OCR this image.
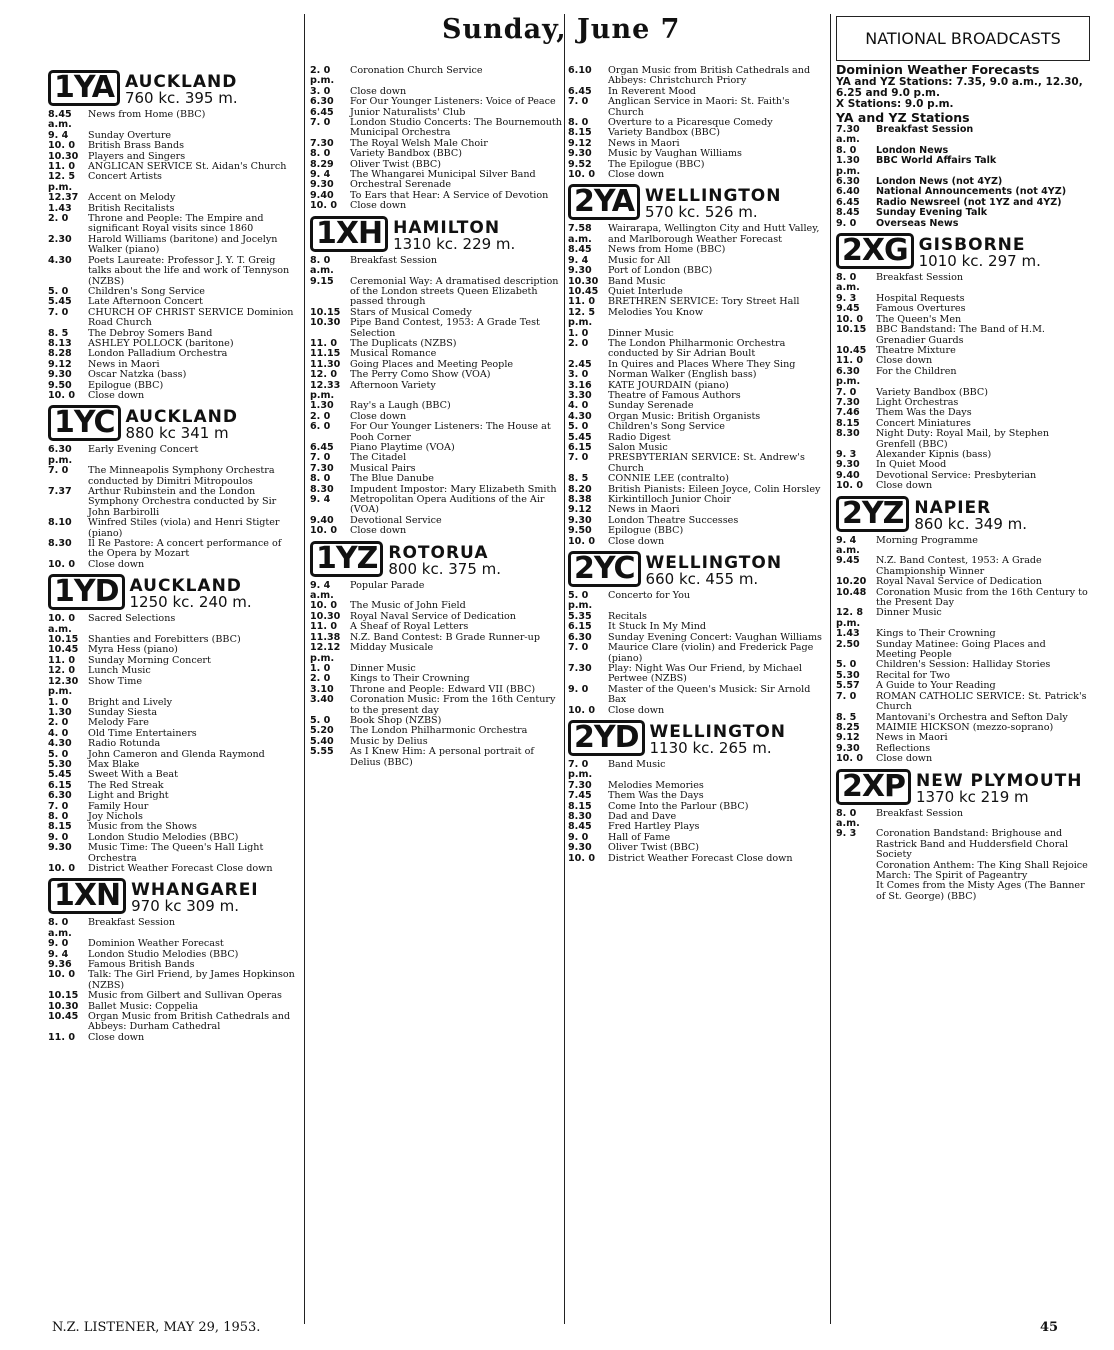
Sunday, June 7
1YA AUCKLAND
760 kc. 395 m.
8.45 a.m.
News from Home (BBC)
9. 4	Sunday Overture
10. 0	British Brass Bands
10.30	Players and Singers
11. 0	ANGLICAN SERVICE St. Aidan's Church
12. 5 p.m.
Concert Artists
12.37	Accent on Melody
1.43	British Recitalists
2. 0	Throne and People: The Empire and significant Royal visits since 1860
2.30	Harold Williams (baritone) and Jocelyn Walker (piano)
4.30	Poets Laureate: Professor J. Y. T. Greig talks about the life and work of Tennyson (NZBS)
5. 0	Children's Song Service
5.45	Late Afternoon Concert
7. 0	CHURCH OF CHRIST SERVICE Dominion Road Church
8. 5	The Debroy Somers Band
8.13	ASHLEY POLLOCK (baritone)
8.28	London Palladium Orchestra
9.12	News in Maori
9.30	Oscar Natzka (bass)
9.50	Epilogue (BBC)
10. 0	Close down
1YC AUCKLAND
880 kc 341 m
6.30 p.m.
Early Evening Concert
7. 0	The Minneapolis Symphony Orchestra conducted by Dimitri Mitropoulos
7.37	Arthur Rubinstein and the London Symphony Orchestra conducted by Sir John Barbirolli
8.10	Winfred Stiles (viola) and Henri Stigter (piano)
8.30	Il Re Pastore: A concert performance of the Opera by Mozart
10. 0	Close down
1YD AUCKLAND
1250 kc. 240 m.
10. 0 a.m.
Sacred Selections
10.15	Shanties and Forebitters (BBC)
10.45	Myra Hess (piano)
11. 0	Sunday Morning Concert
12. 0	Lunch Music
12.30 p.m.
Show Time
1. 0	Bright and Lively
1.30	Sunday Siesta
2. 0	Melody Fare
4. 0	Old Time Entertainers
4.30	Radio Rotunda
5. 0	John Cameron and Glenda Raymond
5.30	Max Blake
5.45	Sweet With a Beat
6.15	The Red Streak
6.30	Light and Bright
7. 0	Family Hour
8. 0	Joy Nichols
8.15	Music from the Shows
9. 0	London Studio Melodies (BBC)
9.30	Music Time: The Queen's Hall Light Orchestra
10. 0	District Weather Forecast Close down
1XN WHANGAREI
970 kc 309 m.
8. 0 a.m.
Breakfast Session
9. 0	Dominion Weather Forecast
9. 4	London Studio Melodies (BBC)
9.36	Famous British Bands
10. 0	Talk: The Girl Friend, by James Hopkinson (NZBS)
10.15	Music from Gilbert and Sullivan Operas
10.30	Ballet Music: Coppelia
10.45	Organ Music from British Cathedrals and Abbeys: Durham Cathedral
11. 0	Close down
2. 0 p.m.
Coronation Church Service
3. 0	Close down
6.30	For Our Younger Listeners: Voice of Peace
6.45	Junior Naturalists' Club
7. 0	London Studio Concerts: The Bournemouth Municipal Orchestra
7.30	The Royal Welsh Male Choir
8. 0	Variety Bandbox (BBC)
8.29	Oliver Twist (BBC)
9. 4	The Whangarei Municipal Silver Band
9.30	Orchestral Serenade
9.40	To Ears that Hear: A Service of Devotion
10. 0	Close down
1XH HAMILTON
1310 kc. 229 m.
8. 0 a.m.
Breakfast Session
9.15	Ceremonial Way: A dramatised description of the London streets Queen Elizabeth passed through
10.15	Stars of Musical Comedy
10.30	Pipe Band Contest, 1953: A Grade Test Selection
11. 0	The Duplicats (NZBS)
11.15	Musical Romance
11.30	Going Places and Meeting People
12. 0	The Perry Como Show (VOA)
12.33 p.m.
Afternoon Variety
1.30	Ray's a Laugh (BBC)
2. 0	Close down
6. 0	For Our Younger Listeners: The House at Pooh Corner
6.45	Piano Playtime (VOA)
7. 0	The Citadel
7.30	Musical Pairs
8. 0	The Blue Danube
8.30	Impudent Impostor: Mary Elizabeth Smith
9. 4	Metropolitan Opera Auditions of the Air (VOA)
9.40	Devotional Service
10. 0	Close down
1YZ ROTORUA
800 kc. 375 m.
9. 4 a.m.
Popular Parade
10. 0	The Music of John Field
10.30	Royal Naval Service of Dedication
11. 0	A Sheaf of Royal Letters
11.38	N.Z. Band Contest: B Grade Runner-up
12.12 p.m.
Midday Musicale
1. 0	Dinner Music
2. 0	Kings to Their Crowning
3.10	Throne and People: Edward VII (BBC)
3.40	Coronation Music: From the 16th Century to the present day
5. 0	Book Shop (NZBS)
5.20	The London Philharmonic Orchestra
5.40	Music by Delius
5.55	As I Knew Him: A personal portrait of Delius (BBC)
6.10	Organ Music from British Cathedrals and Abbeys: Christchurch Priory
6.45	In Reverent Mood
7. 0	Anglican Service in Maori: St. Faith's Church
8. 0	Overture to a Picaresque Comedy
8.15	Variety Bandbox (BBC)
9.12	News in Maori
9.30	Music by Vaughan Williams
9.52	The Epilogue (BBC)
10. 0	Close down
2YA WELLINGTON
570 kc. 526 m.
7.58 a.m.
Wairarapa, Wellington City and Hutt Valley, and Marlborough Weather Forecast
8.45	News from Home (BBC)
9. 4	Music for All
9.30	Port of London (BBC)
10.30	Band Music
10.45	Quiet Interlude
11. 0	BRETHREN SERVICE: Tory Street Hall
12. 5 p.m.
Melodies You Know
1. 0	Dinner Music
2. 0	The London Philharmonic Orchestra conducted by Sir Adrian Boult
2.45	In Quires and Places Where They Sing
3. 0	Norman Walker (English bass)
3.16	KATE JOURDAIN (piano)
3.30	Theatre of Famous Authors
4. 0	Sunday Serenade
4.30	Organ Music: British Organists
5. 0	Children's Song Service
5.45	Radio Digest
6.15	Salon Music
7. 0	PRESBYTERIAN SERVICE: St. Andrew's Church
8. 5	CONNIE LEE (contralto)
8.20	British Pianists: Eileen Joyce, Colin Horsley
8.38	Kirkintilloch Junior Choir
9.12	News in Maori
9.30	London Theatre Successes
9.50	Epilogue (BBC)
10. 0	Close down
2YC WELLINGTON
660 kc. 455 m.
5. 0 p.m.
Concerto for You
5.35	Recitals
6.15	It Stuck In My Mind
6.30	Sunday Evening Concert: Vaughan Williams
7. 0	Maurice Clare (violin) and Frederick Page (piano)
7.30	Play: Night Was Our Friend, by Michael Pertwee (NZBS)
9. 0	Master of the Queen's Musick: Sir Arnold Bax
10. 0	Close down
2YD WELLINGTON
1130 kc. 265 m.
7. 0 p.m.
Band Music
7.30	Melodies Memories
7.45	Them Was the Days
8.15	Come Into the Parlour (BBC)
8.30	Dad and Dave
8.45	Fred Hartley Plays
9. 0	Hall of Fame
9.30	Oliver Twist (BBC)
10. 0	District Weather Forecast Close down
NATIONAL BROADCASTS
Dominion Weather Forecasts
YA and YZ Stations: 7.35, 9.0 a.m., 12.30, 6.25 and 9.0 p.m.
X Stations: 9.0 p.m.
YA and YZ Stations
7.30 a.m.
Breakfast Session
8. 0	London News
1.30 p.m.
BBC World Affairs Talk
6.30	London News (not 4YZ)
6.40	National Announcements (not 4YZ)
6.45	Radio Newsreel (not 1YZ and 4YZ)
8.45	Sunday Evening Talk
9. 0	Overseas News
2XG GISBORNE
1010 kc. 297 m.
8. 0 a.m.
Breakfast Session
9. 3	Hospital Requests
9.45	Famous Overtures
10. 0	The Queen's Men
10.15	BBC Bandstand: The Band of H.M. Grenadier Guards
10.45	Theatre Mixture
11. 0	Close down
6.30 p.m.
For the Children
7. 0	Variety Bandbox (BBC)
7.30	Light Orchestras
7.46	Them Was the Days
8.15	Concert Miniatures
8.30	Night Duty: Royal Mail, by Stephen Grenfell (BBC)
9. 3	Alexander Kipnis (bass)
9.30	In Quiet Mood
9.40	Devotional Service: Presbyterian
10. 0	Close down
2YZ NAPIER
860 kc. 349 m.
9. 4 a.m.
Morning Programme
9.45	N.Z. Band Contest, 1953: A Grade Championship Winner
10.20	Royal Naval Service of Dedication
10.48	Coronation Music from the 16th Century to the Present Day
12. 8 p.m.
Dinner Music
1.43	Kings to Their Crowning
2.50	Sunday Matinee: Going Places and Meeting People
5. 0	Children's Session: Halliday Stories
5.30	Recital for Two
5.57	A Guide to Your Reading
7. 0	ROMAN CATHOLIC SERVICE: St. Patrick's Church
8. 5	Mantovani's Orchestra and Sefton Daly
8.25	MAIMIE HICKSON (mezzo-soprano)
9.12	News in Maori
9.30	Reflections
10. 0	Close down
2XP NEW PLYMOUTH
1370 kc 219 m
8. 0 a.m.
Breakfast Session
9. 3	Coronation Bandstand: Brighouse and Rastrick Band and Huddersfield Choral Society
Coronation Anthem: The King Shall Rejoice
March: The Spirit of Pageantry
It Comes from the Misty Ages (The Banner of St. George) (BBC)
N.Z. LISTENER, MAY 29, 1953.	45
